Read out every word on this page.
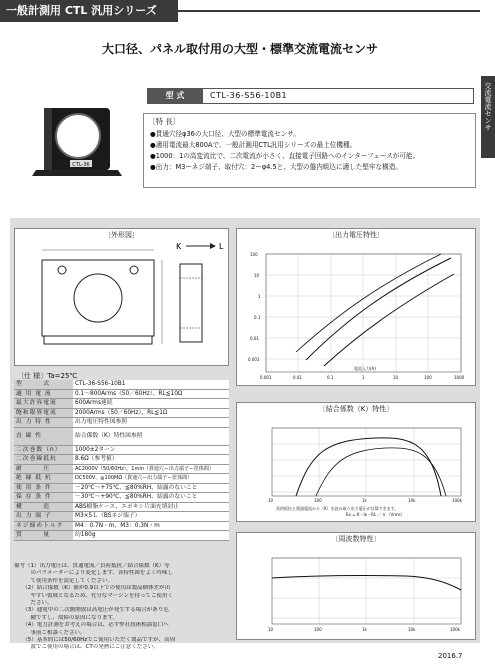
一般計測用 CTL 汎用シリーズ
交流電流センサ
大口径、パネル取付用の大型・標準交流電流センサ
CTL-36
型 式	CTL-36-S56-10B1
〔特 長〕
●貫通穴径φ36の大口径、大型の標準電流センサ。
●適用電流最大800Aで、一般計測用CTL汎用シリーズの最上位機種。
●1000：1の高変流比で、二次電流が小さく、直接電子回路へのインターフェースが可能。
●出力：M3ーネジ端子、取付穴：2ーφ4.5と、大型の盤内組込に適した堅牢な構造。
〔外形図〕
K	L
〔仕 様〕Ta=25℃
型　　　式	CTL-36-S56-10B1
適 用 電 流	0.1～800Arms（50／60Hz）、RL≦10Ω
最大許容電流	600Arms連続
飽和限界電流	2000Arms（50／60Hz）、RL≦1Ω
出 力 特 性	出力電圧特性図参照
直 線 性	結合係数（K）特性図参照
二次巻数（n）	1000±2ターン
二次巻線抵抗	8.6Ω（参考値）
耐　　　圧	AC2000V（50/60Hz）、1min（貫通穴ー出力端子ー筐体間）
絶 縁 抵 抗	DC500V、≧100MΩ（貫通穴ー出力端子ー筐体間）
使 用 条 件	－20℃～+75℃、≦80%RH、結露のないこと
保 存 条 件	－30℃～+90℃、≦80%RH、結露のないこと
構　　　造	ABS樹脂ケース、エポキシ片面充填封止
出 力 端 子	M3×5Ｌ（BSネジ端子）
ネジ締めトルク	M4：0.7N・m、M3：0.3N・m
質　　　量	約180g
備考（1）出力電圧は、貫通電流／負荷抵抗／結合係数（K）等
　　　のパラメーターにより変化します。各特性図をよく吟味し
　　　て使用条件を設定してください。
　　（2）結合係数（K）値が0.9以下での使用は製品個体差が出
　　　やすい領域となるため、充分なマージンを持ってご使用く
　　　ださい。
　　（3）通電中の二次側開放は高電圧が発生する場合があり危
　　　険ですし、故障の原因になります。
　　（4）電力計測をお考えの場合は、必ず弊社技術相談窓口へ
　　　事前ご相談ください。
　　（5）基本的には50/60Hzでご使用いただく製品ですが、高周
　　　波でご使用の場合は、CTの発熱にご注意ください。
〔出力電圧特性〕
100
10
1
0.1
0.01
0.001
0.001	0.01	0.1	1	10	100	1000
電流入力(A)
〔結合係数（K）特性〕
10	100	1k	10k	100k
負荷抵抗と貫通電流から（K）を読み取り出力電圧が計算できます。
Eo = K・Io・RL ／ n （Vrms）
〔周波数特性〕
10	100	1k	10k	100k
2016.7
